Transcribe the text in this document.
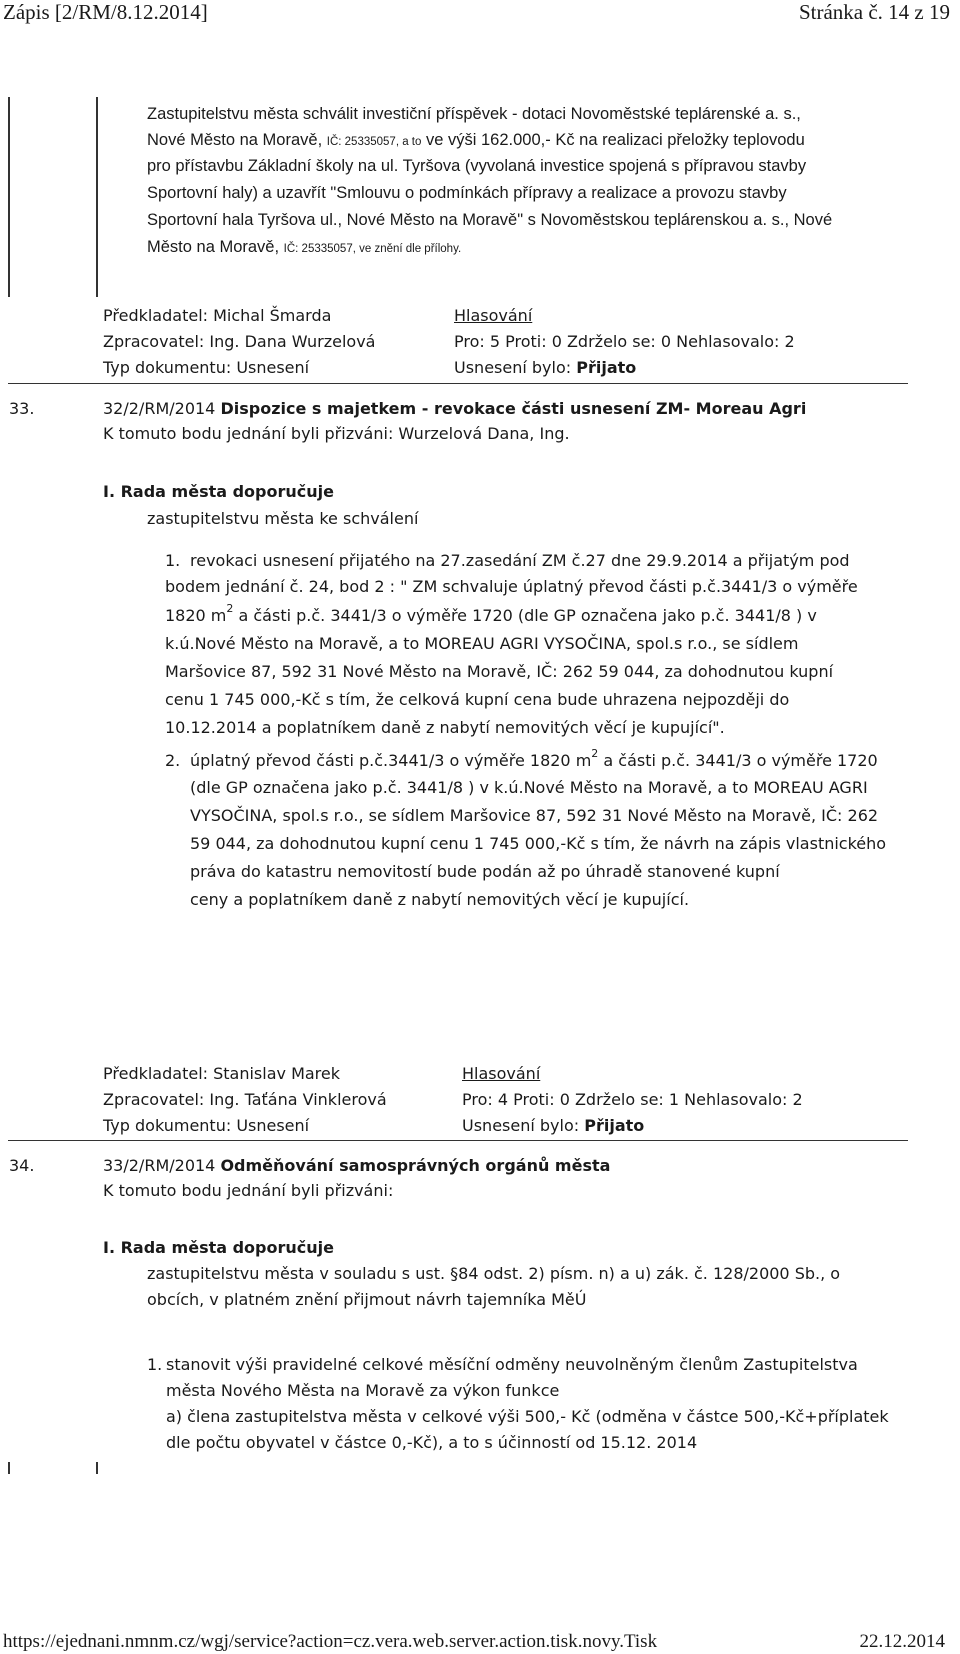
Zápis [2/RM/8.12.2014]	Stránka č. 14 z 19
Zastupitelstvu města schválit investiční příspěvek - dotaci Novoměstské teplárenské a. s.,
Nové Město na Moravě, IČ: 25335057, a to ve výši 162.000,- Kč na realizaci přeložky teplovodu
pro přístavbu Základní školy na ul. Tyršova (vyvolaná investice spojená s přípravou stavby
Sportovní haly) a uzavřít "Smlouvu o podmínkách přípravy a realizace a provozu stavby
Sportovní hala Tyršova ul., Nové Město na Moravě" s Novoměstskou teplárenskou a. s., Nové
Město na Moravě, IČ: 25335057, ve znění dle přílohy.
Předkladatel: Michal Šmarda	Hlasování
Zpracovatel: Ing. Dana Wurzelová	Pro: 5 Proti: 0 Zdrželo se: 0 Nehlasovalo: 2
Typ dokumentu: Usnesení	Usnesení bylo: Přijato
33.	32/2/RM/2014 Dispozice s majetkem - revokace části usnesení ZM- Moreau Agri
K tomuto bodu jednání byli přizváni: Wurzelová Dana, Ing.
I. Rada města doporučuje
zastupitelstvu města ke schválení
1. revokaci usnesení přijatého na 27.zasedání ZM č.27 dne 29.9.2014 a přijatým pod
bodem jednání č. 24, bod 2 : " ZM schvaluje úplatný převod části p.č.3441/3 o výměře
1820 $m^2$ a části p.č. 3441/3 o výměře 1720 (dle GP označena jako p.č. 3441/8 ) v
k.ú.Nové Město na Moravě, a to MOREAU AGRI VYSOČINA, spol.s r.o., se sídlem
Maršovice 87, 592 31 Nové Město na Moravě, IČ: 262 59 044, za dohodnutou kupní
cenu 1 745 000,-Kč s tím, že celková kupní cena bude uhrazena nejpozději do
10.12.2014 a poplatníkem daně z nabytí nemovitých věcí je kupující".
2. úplatný převod části p.č.3441/3 o výměře 1820 $m^2$ a části p.č. 3441/3 o výměře 1720
(dle GP označena jako p.č. 3441/8 ) v k.ú.Nové Město na Moravě, a to MOREAU AGRI
VYSOČINA, spol.s r.o., se sídlem Maršovice 87, 592 31 Nové Město na Moravě, IČ: 262
59 044, za dohodnutou kupní cenu 1 745 000,-Kč s tím, že návrh na zápis vlastnického
práva do katastru nemovitostí bude podán až po úhradě stanovené kupní
ceny a poplatníkem daně z nabytí nemovitých věcí je kupující.
Předkladatel: Stanislav Marek	Hlasování
Zpracovatel: Ing. Taťána Vinklerová	Pro: 4 Proti: 0 Zdrželo se: 1 Nehlasovalo: 2
Typ dokumentu: Usnesení	Usnesení bylo: Přijato
34.	33/2/RM/2014 Odměňování samosprávných orgánů města
K tomuto bodu jednání byli přizváni:
I. Rada města doporučuje
zastupitelstvu města v souladu s ust. §84 odst. 2) písm. n) a u) zák. č. 128/2000 Sb., o
obcích, v platném znění přijmout návrh tajemníka MěÚ
1. stanovit výši pravidelné celkové měsíční odměny neuvolněným členům Zastupitelstva
města Nového Města na Moravě za výkon funkce
a) člena zastupitelstva města v celkové výši 500,- Kč (odměna v částce 500,-Kč+příplatek
dle počtu obyvatel v částce 0,-Kč), a to s účinností od 15.12. 2014
https://ejednani.nmnm.cz/wgj/service?action=cz.vera.web.server.action.tisk.novy.Tisk	22.12.2014
